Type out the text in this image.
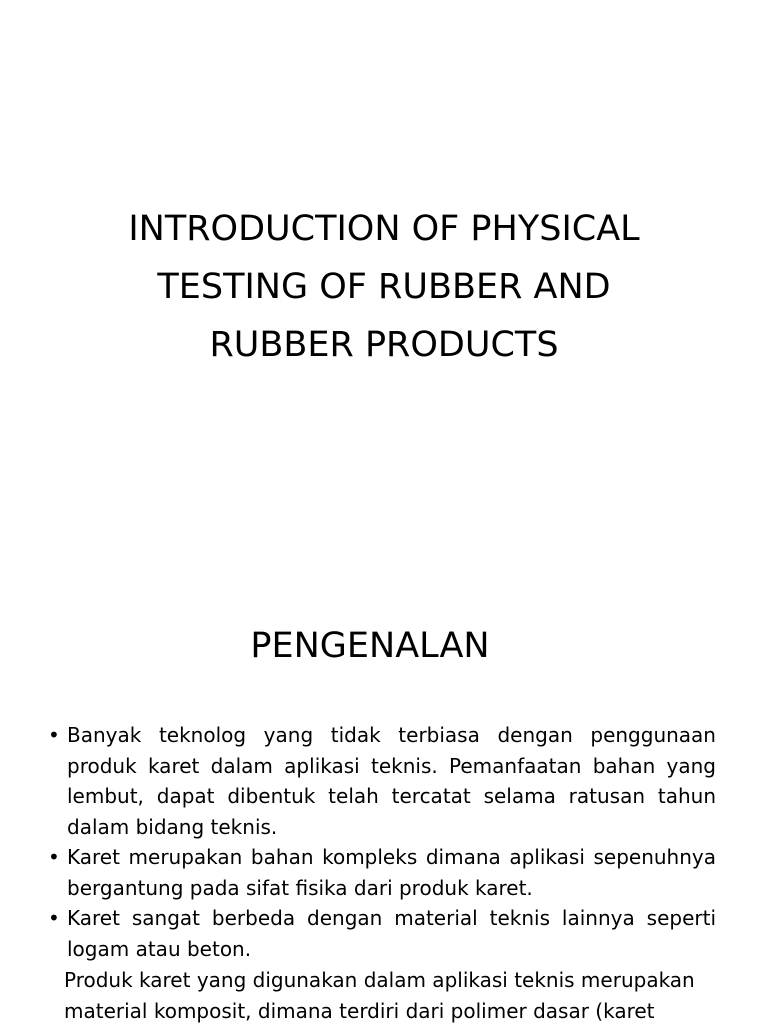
INTRODUCTION OF PHYSICAL
TESTING OF RUBBER AND
RUBBER PRODUCTS
PENGENALAN
• Banyak teknolog yang tidak terbiasa dengan penggunaan produk karet dalam aplikasi teknis. Pemanfaatan bahan yang lembut, dapat dibentuk telah tercatat selama ratusan tahun dalam bidang teknis.
• Karet merupakan bahan kompleks dimana aplikasi sepenuhnya bergantung pada sifat fisika dari produk karet.
• Karet sangat berbeda dengan material teknis lainnya seperti logam atau beton.
Produk karet yang digunakan dalam aplikasi teknis merupakan
material komposit, dimana terdiri dari polimer dasar (karet
